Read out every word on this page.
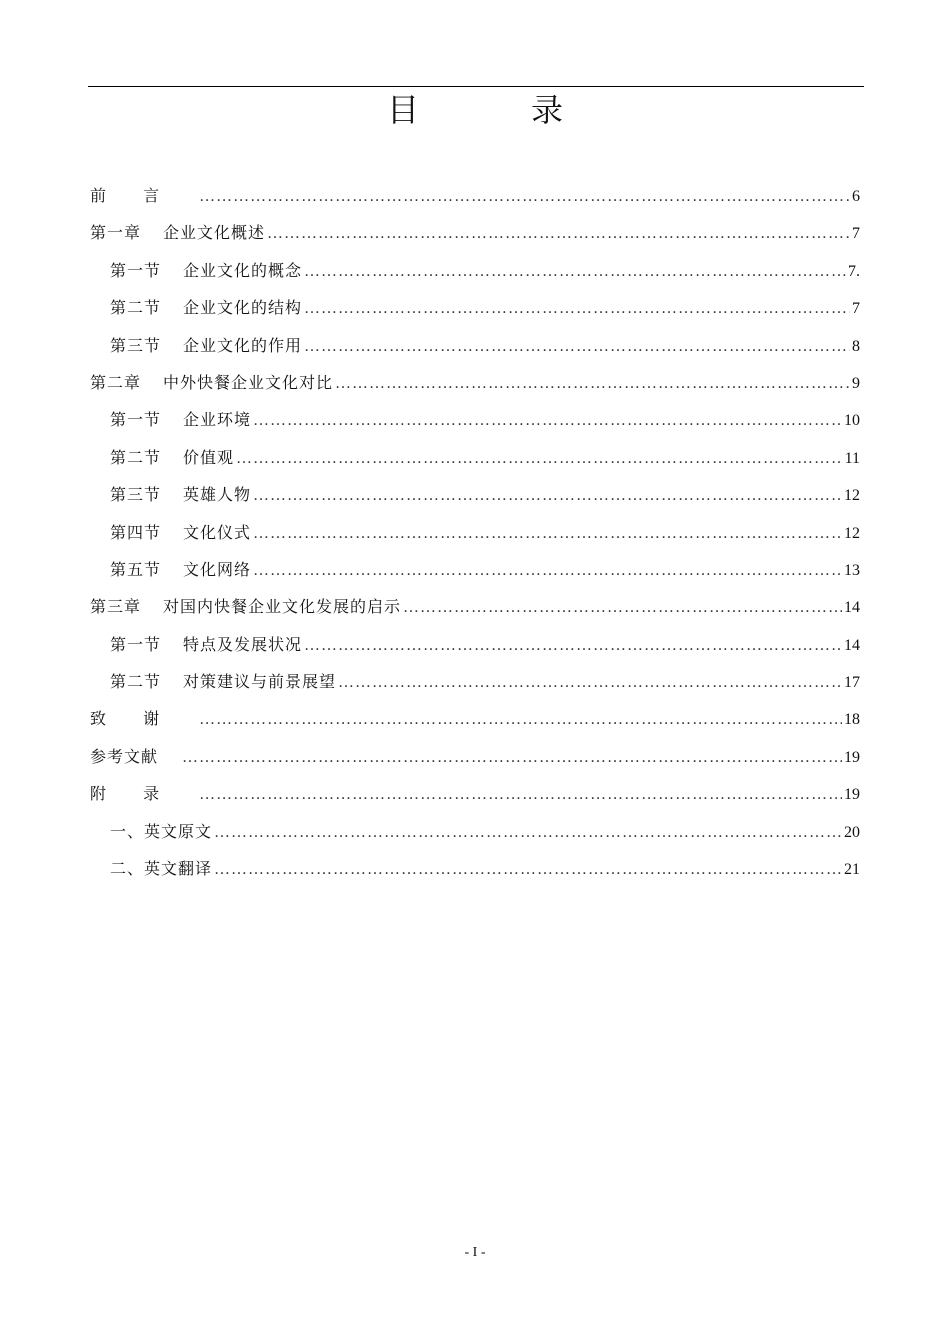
目　录
前 言 ……………………………………………………………………………………………………………………………………………………………………………………	6
第一章 企业文化概述 ……………………………………………………………………………………………………………………………………………………………………………………	7
第一节 企业文化的概念 ……………………………………………………………………………………………………………………………………………………………………………………	7.
第二节 企业文化的结构 ……………………………………………………………………………………………………………………………………………………………………………………	7
第三节 企业文化的作用 ……………………………………………………………………………………………………………………………………………………………………………………	8
第二章 中外快餐企业文化对比 ……………………………………………………………………………………………………………………………………………………………………………………	9
第一节 企业环境 ……………………………………………………………………………………………………………………………………………………………………………………	10
第二节 价值观 ……………………………………………………………………………………………………………………………………………………………………………………	11
第三节 英雄人物 ……………………………………………………………………………………………………………………………………………………………………………………	12
第四节 文化仪式 ……………………………………………………………………………………………………………………………………………………………………………………	12
第五节 文化网络 ……………………………………………………………………………………………………………………………………………………………………………………	13
第三章 对国内快餐企业文化发展的启示 ……………………………………………………………………………………………………………………………………………………………………………………	14
第一节 特点及发展状况 ……………………………………………………………………………………………………………………………………………………………………………………	14
第二节 对策建议与前景展望 ……………………………………………………………………………………………………………………………………………………………………………………	17
致 谢 ……………………………………………………………………………………………………………………………………………………………………………………	18
参考文献 ……………………………………………………………………………………………………………………………………………………………………………………	19
附 录 ……………………………………………………………………………………………………………………………………………………………………………………	19
一、英文原文 ……………………………………………………………………………………………………………………………………………………………………………………	20
二、英文翻译 ……………………………………………………………………………………………………………………………………………………………………………………	21
- I -
